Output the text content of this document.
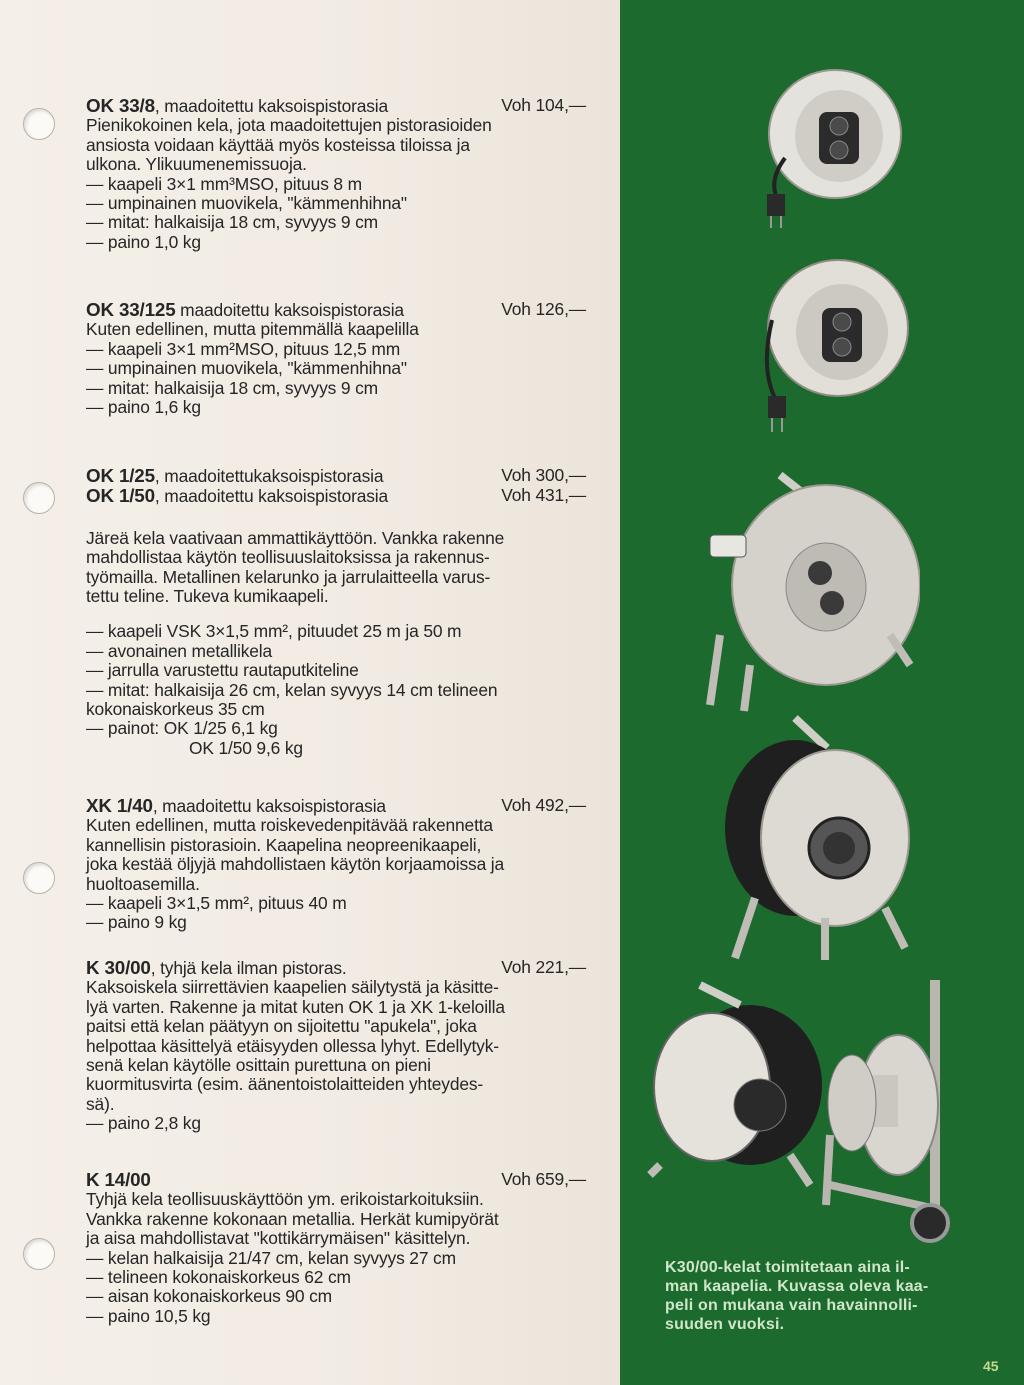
OK 33/8, maadoitettu kaksoispistorasia	Voh 104,—
Pienikokoinen kela, jota maadoitettujen pistorasioiden
ansiosta voidaan käyttää myös kosteissa tiloissa ja
ulkona. Ylikuumenemissuoja.
— kaapeli 3×1 mm³MSO, pituus 8 m
— umpinainen muovikela, "kämmenhihna"
— mitat: halkaisija 18 cm, syvyys 9 cm
— paino 1,0 kg
OK 33/125 maadoitettu kaksoispistorasia	Voh 126,—
Kuten edellinen, mutta pitemmällä kaapelilla
— kaapeli 3×1 mm²MSO, pituus 12,5 mm
— umpinainen muovikela, "kämmenhihna"
— mitat: halkaisija 18 cm, syvyys 9 cm
— paino 1,6 kg
OK 1/25, maadoitettukaksoispistorasia	Voh 300,—
OK 1/50, maadoitettu kaksoispistorasia	Voh 431,—
Järeä kela vaativaan ammattikäyttöön. Vankka rakenne
mahdollistaa käytön teollisuuslaitoksissa ja rakennus-
työmailla. Metallinen kelarunko ja jarrulaitteella varus-
tettu teline. Tukeva kumikaapeli.
— kaapeli VSK 3×1,5 mm², pituudet 25 m ja 50 m
— avonainen metallikela
— jarrulla varustettu rautaputkiteline
— mitat: halkaisija 26 cm, kelan syvyys 14 cm telineen
kokonaiskorkeus 35 cm
— painot: OK 1/25 6,1 kg
OK 1/50 9,6 kg
XK 1/40, maadoitettu kaksoispistorasia	Voh 492,—
Kuten edellinen, mutta roiskevedenpitävää rakennetta
kannellisin pistorasioin. Kaapelina neopreenikaapeli,
joka kestää öljyjä mahdollistaen käytön korjaamoissa ja
huoltoasemilla.
— kaapeli 3×1,5 mm², pituus 40 m
— paino 9 kg
K 30/00, tyhjä kela ilman pistoras.	Voh 221,—
Kaksoiskela siirrettävien kaapelien säilytystä ja käsitte-
lyä varten. Rakenne ja mitat kuten OK 1 ja XK 1-keloilla
paitsi että kelan päätyyn on sijoitettu "apukela", joka
helpottaa käsittelyä etäisyyden ollessa lyhyt. Edellytyk-
senä kelan käytölle osittain purettuna on pieni
kuormitusvirta (esim. äänentoistolaitteiden yhteydes-
sä).
— paino 2,8 kg
K 14/00	Voh 659,—
Tyhjä kela teollisuuskäyttöön ym. erikoistarkoituksiin.
Vankka rakenne kokonaan metallia. Herkät kumipyörät
ja aisa mahdollistavat "kottikärrymäisen" käsittelyn.
— kelan halkaisija 21/47 cm, kelan syvyys 27 cm
— telineen kokonaiskorkeus 62 cm
— aisan kokonaiskorkeus 90 cm
— paino 10,5 kg
K30/00-kelat toimitetaan aina il-
man kaapelia. Kuvassa oleva kaa-
peli on mukana vain havainnolli-
suuden vuoksi.
45
